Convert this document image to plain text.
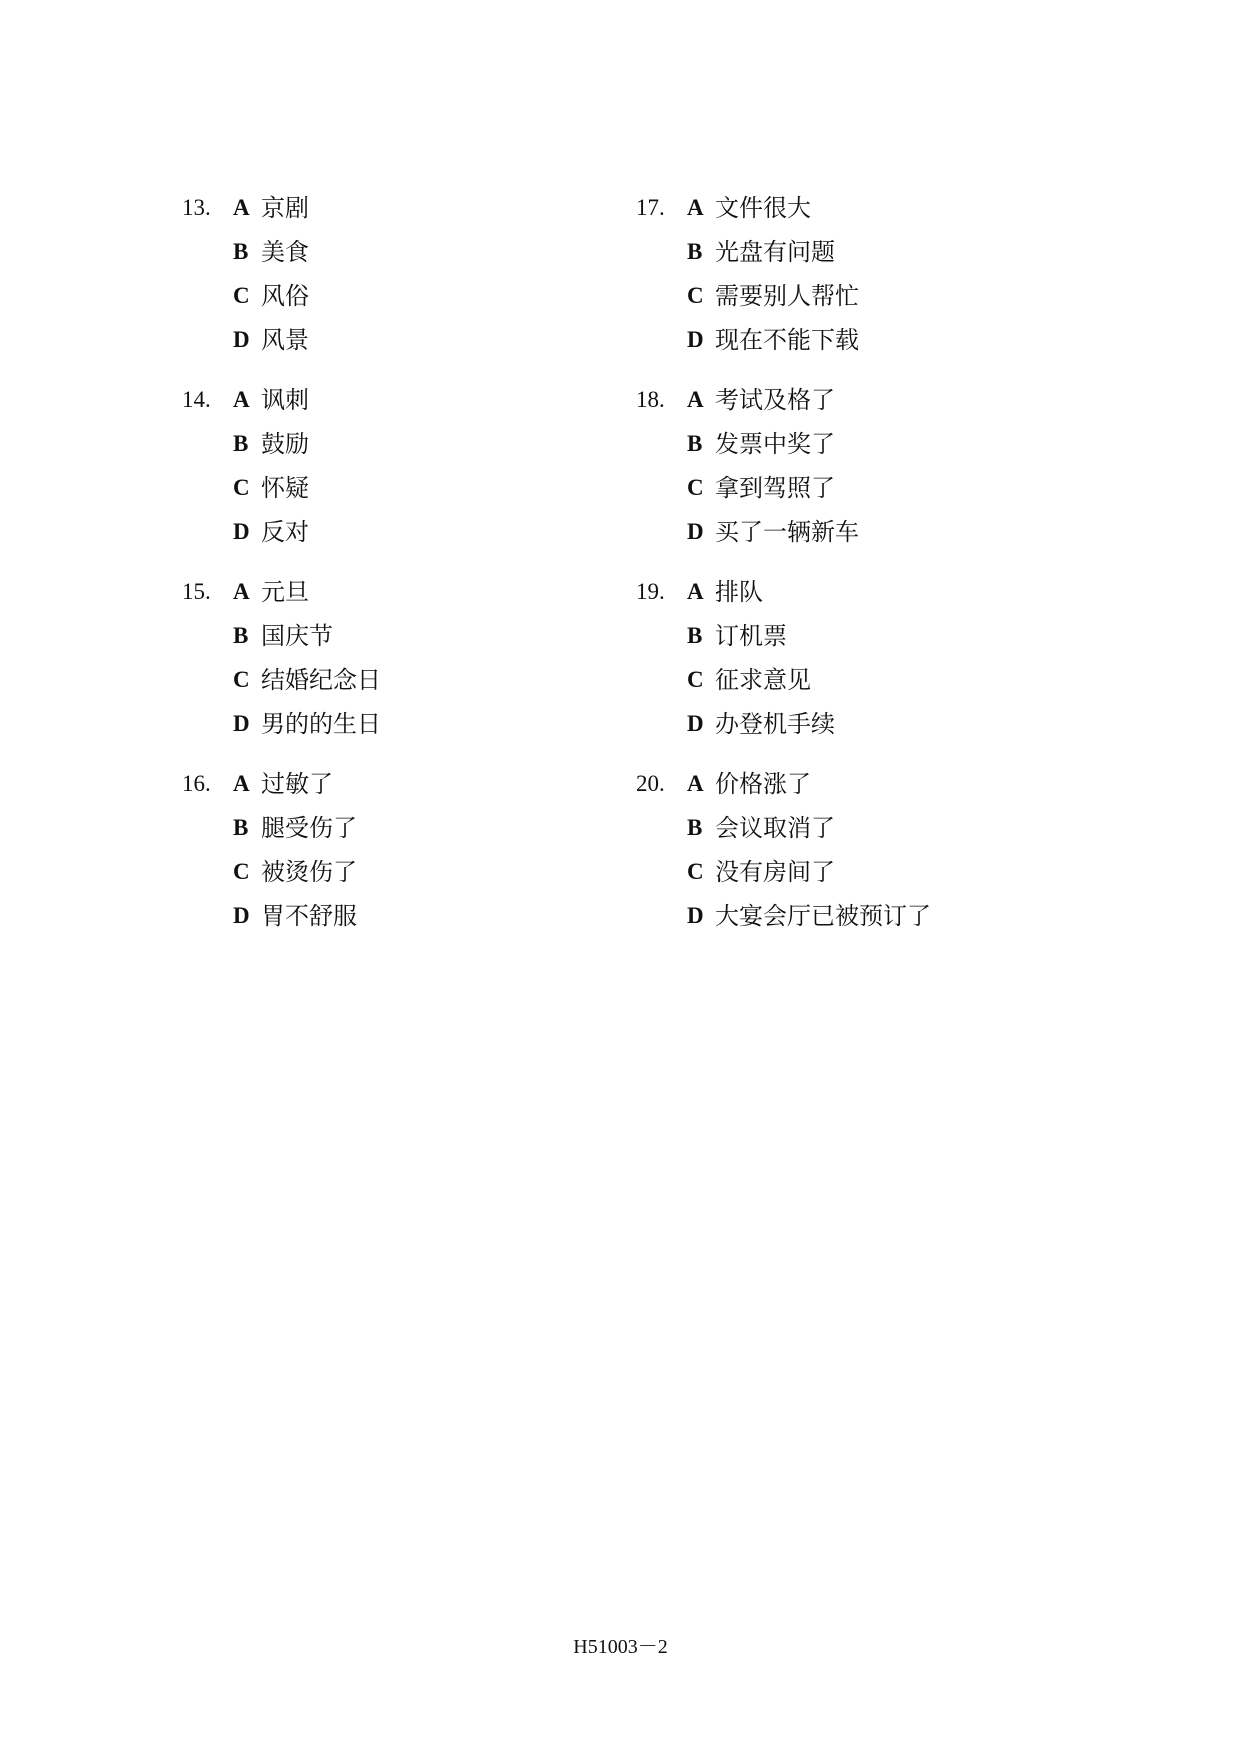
13. A 京剧
B 美食
C 风俗
D 风景
14. A 讽刺
B 鼓励
C 怀疑
D 反对
15. A 元旦
B 国庆节
C 结婚纪念日
D 男的的生日
16. A 过敏了
B 腿受伤了
C 被烫伤了
D 胃不舒服
17. A 文件很大
B 光盘有问题
C 需要别人帮忙
D 现在不能下载
18. A 考试及格了
B 发票中奖了
C 拿到驾照了
D 买了一辆新车
19. A 排队
B 订机票
C 征求意见
D 办登机手续
20. A 价格涨了
B 会议取消了
C 没有房间了
D 大宴会厅已被预订了
H51003－2
